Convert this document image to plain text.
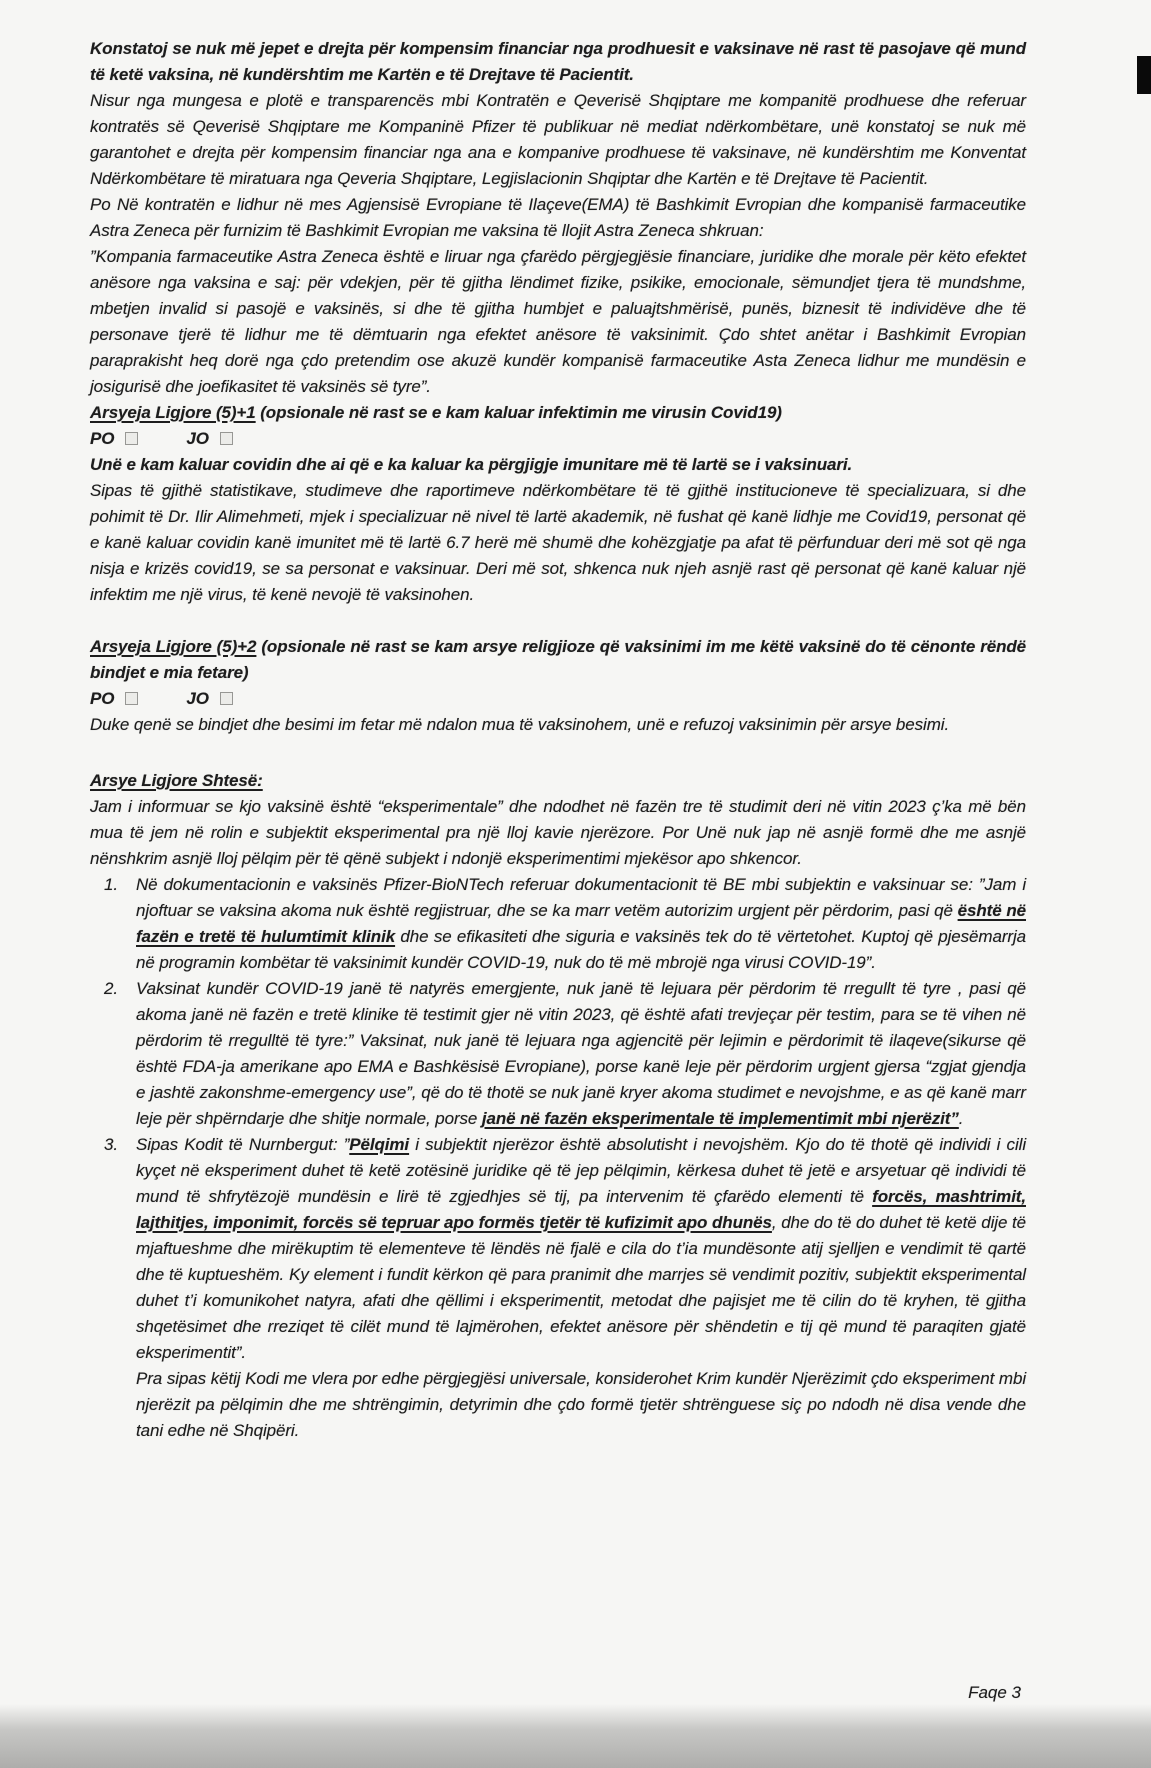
Konstatoj se nuk më jepet e drejta për kompensim financiar nga prodhuesit e vaksinave në rast të pasojave që mund të ketë vaksina, në kundërshtim me Kartën e të Drejtave të Pacientit.

Nisur nga mungesa e plotë e transparencës mbi Kontratën e Qeverisë Shqiptare me kompanitë prodhuese dhe referuar kontratës së Qeverisë Shqiptare me Kompaninë Pfizer të publikuar në mediat ndërkombëtare, unë konstatoj se nuk më garantohet e drejta për kompensim financiar nga ana e kompanive prodhuese të vaksinave, në kundërshtim me Konventat Ndërkombëtare të miratuara nga Qeveria Shqiptare, Legjislacionin Shqiptar dhe Kartën e të Drejtave të Pacientit.

Po Në kontratën e lidhur në mes Agjensisë Evropiane të Ilaçeve(EMA) të Bashkimit Evropian dhe kompanisë farmaceutike Astra Zeneca për furnizim të Bashkimit Evropian me vaksina të llojit Astra Zeneca shkruan:

”Kompania farmaceutike Astra Zeneca është e liruar nga çfarëdo përgjegjësie financiare, juridike dhe morale për këto efektet anësore nga vaksina e saj: për vdekjen, për të gjitha lëndimet fizike, psikike, emocionale, sëmundjet tjera të mundshme, mbetjen invalid si pasojë e vaksinës, si dhe të gjitha humbjet e paluajtshmërisë, punës, biznesit të individëve dhe të personave tjerë të lidhur me të dëmtuarin nga efektet anësore të vaksinimit. Çdo shtet anëtar i Bashkimit Evropian paraprakisht heq dorë nga çdo pretendim ose akuzë kundër kompanisë farmaceutike Asta Zeneca lidhur me mundësin e josigurisë dhe joefikasitet të vaksinës së tyre”.

Arsyeja Ligjore (5)+1 (opsionale në rast se e kam kaluar infektimin me virusin Covid19)

PO	JO

Unë e kam kaluar covidin dhe ai që e ka kaluar ka përgjigje imunitare më të lartë se i vaksinuari.

Sipas të gjithë statistikave, studimeve dhe raportimeve ndërkombëtare të të gjithë institucioneve të specializuara, si dhe pohimit të Dr. Ilir Alimehmeti, mjek i specializuar në nivel të lartë akademik, në fushat që kanë lidhje me Covid19, personat që e kanë kaluar covidin kanë imunitet më të lartë 6.7 herë më shumë dhe kohëzgjatje pa afat të përfunduar deri më sot që nga nisja e krizës covid19, se sa personat e vaksinuar. Deri më sot, shkenca nuk njeh asnjë rast që personat që kanë kaluar një infektim me një virus, të kenë nevojë të vaksinohen.

Arsyeja Ligjore (5)+2 (opsionale në rast se kam arsye religjioze që vaksinimi im me këtë vaksinë do të cënonte rëndë bindjet e mia fetare)

PO	JO

Duke qenë se bindjet dhe besimi im fetar më ndalon mua të vaksinohem, unë e refuzoj vaksinimin për arsye besimi.

Arsye Ligjore Shtesë:

Jam i informuar se kjo vaksinë është “eksperimentale” dhe ndodhet në fazën tre të studimit deri në vitin 2023 ç’ka më bën mua të jem në rolin e subjektit eksperimental pra një lloj kavie njerëzore. Por Unë nuk jap në asnjë formë dhe me asnjë nënshkrim asnjë lloj pëlqim për të qënë subjekt i ndonjë eksperimentimi mjekësor apo shkencor.

1.	Në dokumentacionin e vaksinës Pfizer-BioNTech referuar dokumentacionit të BE mbi subjektin e vaksinuar se: ”Jam i njoftuar se vaksina akoma nuk është regjistruar, dhe se ka marr vetëm autorizim urgjent për përdorim, pasi që është në fazën e tretë të hulumtimit klinik dhe se efikasiteti dhe siguria e vaksinës tek do të vërtetohet. Kuptoj që pjesëmarrja në programin kombëtar të vaksinimit kundër COVID-19, nuk do të më mbrojë nga virusi COVID-19”.
2.	Vaksinat kundër COVID-19 janë të natyrës emergjente, nuk janë të lejuara për përdorim të rregullt të tyre , pasi që akoma janë në fazën e tretë klinike të testimit gjer në vitin 2023, që është afati trevjeçar për testim, para se të vihen në përdorim të rregulltë të tyre:” Vaksinat, nuk janë të lejuara nga agjencitë për lejimin e përdorimit të ilaqeve(sikurse që është FDA-ja amerikane apo EMA e Bashkësisë Evropiane), porse kanë leje për përdorim urgjent gjersa “zgjat gjendja e jashtë zakonshme-emergency use”, që do të thotë se nuk janë kryer akoma studimet e nevojshme, e as që kanë marr leje për shpërndarje dhe shitje normale, porse janë në fazën eksperimentale të implementimit mbi njerëzit”.
3.	Sipas Kodit të Nurnbergut: ”Pëlqimi i subjektit njerëzor është absolutisht i nevojshëm. Kjo do të thotë që individi i cili kyçet në eksperiment duhet të ketë zotësinë juridike që të jep pëlqimin, kërkesa duhet të jetë e arsyetuar që individi të mund të shfrytëzojë mundësin e lirë të zgjedhjes së tij, pa intervenim të çfarëdo elementi të forcës, mashtrimit, lajthitjes, imponimit, forcës së tepruar apo formës tjetër të kufizimit apo dhunës, dhe do të do duhet të ketë dije të mjaftueshme dhe mirëkuptim të elementeve të lëndës në fjalë e cila do t’ia mundësonte atij sjelljen e vendimit të qartë dhe të kuptueshëm. Ky element i fundit kërkon që para pranimit dhe marrjes së vendimit pozitiv, subjektit eksperimental duhet t’i komunikohet natyra, afati dhe qëllimi i eksperimentit, metodat dhe pajisjet me të cilin do të kryhen, të gjitha shqetësimet dhe rreziqet të cilët mund të lajmërohen, efektet anësore për shëndetin e tij që mund të paraqiten gjatë eksperimentit”.

Pra sipas këtij Kodi me vlera por edhe përgjegjësi universale, konsiderohet Krim kundër Njerëzimit çdo eksperiment mbi njerëzit pa pëlqimin dhe me shtrëngimin, detyrimin dhe çdo formë tjetër shtrënguese siç po ndodh në disa vende dhe tani edhe në Shqipëri.

Faqe 3
